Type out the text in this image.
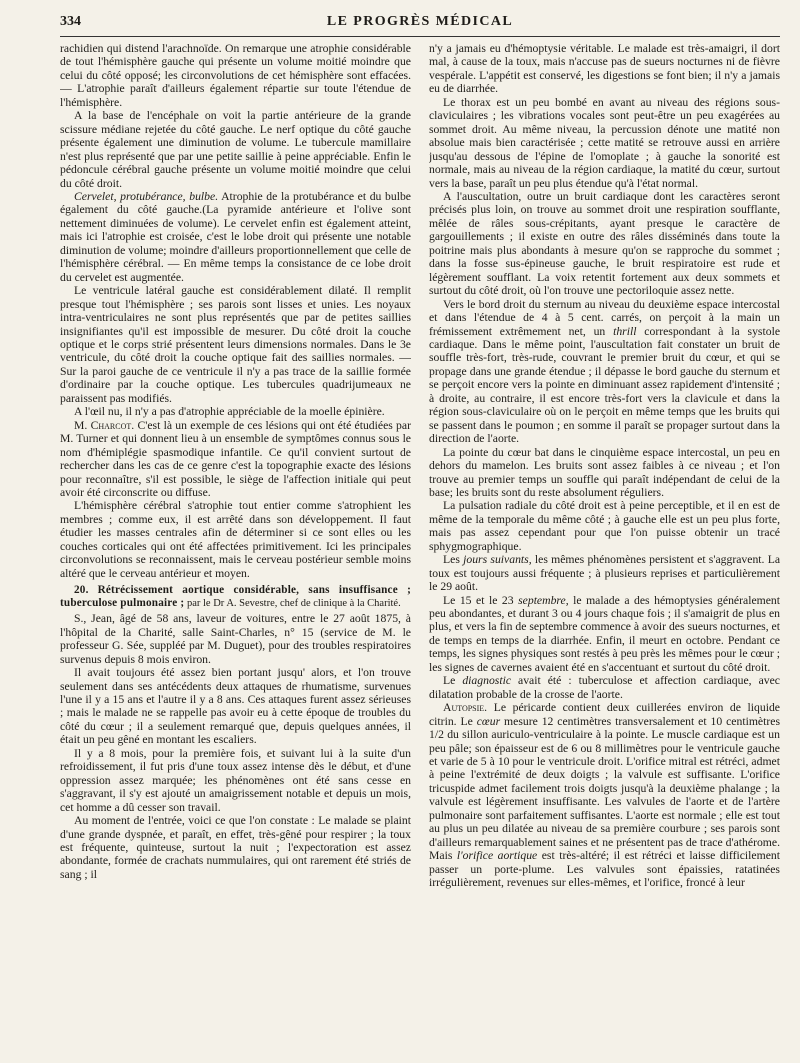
334	LE PROGRÈS MÉDICAL

rachidien qui distend l'arachnoïde. On remarque une atrophie considérable de tout l'hémisphère gauche qui présente un volume moitié moindre que celui du côté opposé; les circonvolutions de cet hémisphère sont effacées. — L'atrophie paraît d'ailleurs également répartie sur toute l'étendue de l'hémisphère.

A la base de l'encéphale on voit la partie antérieure de la grande scissure médiane rejetée du côté gauche. Le nerf optique du côté gauche présente également une diminution de volume. Le tubercule mamillaire n'est plus représenté que par une petite saillie à peine appréciable. Enfin le pédoncule cérébral gauche présente un volume moitié moindre que celui du côté droit.

Cervelet, protubérance, bulbe. Atrophie de la protubérance et du bulbe également du côté gauche.(La pyramide antérieure et l'olive sont nettement diminuées de volume). Le cervelet enfin est également atteint, mais ici l'atrophie est croisée, c'est le lobe droit qui présente une notable diminution de volume; moindre d'ailleurs proportionnellement que celle de l'hémisphère cérébral. — En même temps la consistance de ce lobe droit du cervelet est augmentée.

Le ventricule latéral gauche est considérablement dilaté. Il remplit presque tout l'hémisphère ; ses parois sont lisses et unies. Les noyaux intra-ventriculaires ne sont plus représentés que par de petites saillies insignifiantes qu'il est impossible de mesurer. Du côté droit la couche optique et le corps strié présentent leurs dimensions normales. Dans le 3e ventricule, du côté droit la couche optique fait des saillies normales. — Sur la paroi gauche de ce ventricule il n'y a pas trace de la saillie formée d'ordinaire par la couche optique. Les tubercules quadrijumeaux ne paraissent pas modifiés.

A l'œil nu, il n'y a pas d'atrophie appréciable de la moelle épinière.

M. Charcot. C'est là un exemple de ces lésions qui ont été étudiées par M. Turner et qui donnent lieu à un ensemble de symptômes connus sous le nom d'hémiplégie spasmodique infantile. Ce qu'il convient surtout de rechercher dans les cas de ce genre c'est la topographie exacte des lésions pour reconnaître, s'il est possible, le siège de l'affection initiale qui peut avoir été circonscrite ou diffuse.

L'hémisphère cérébral s'atrophie tout entier comme s'atrophient les membres ; comme eux, il est arrêté dans son développement. Il faut étudier les masses centrales afin de déterminer si ce sont elles ou les couches corticales qui ont été affectées primitivement. Ici les principales circonvolutions se reconnaissent, mais le cerveau postérieur semble moins altéré que le cerveau antérieur et moyen.

20. Rétrécissement aortique considérable, sans insuffisance ; tuberculose pulmonaire ; par le Dr A. Sevestre, chef de clinique à la Charité.

S., Jean, âgé de 58 ans, laveur de voitures, entre le 27 août 1875, à l'hôpital de la Charité, salle Saint-Charles, n° 15 (service de M. le professeur G. Sée, suppléé par M. Duguet), pour des troubles respiratoires survenus depuis 8 mois environ.

Il avait toujours été assez bien portant jusqu' alors, et l'on trouve seulement dans ses antécédents deux attaques de rhumatisme, survenues l'une il y a 15 ans et l'autre il y a 8 ans. Ces attaques furent assez sérieuses ; mais le malade ne se rappelle pas avoir eu à cette époque de troubles du côté du cœur ; il a seulement remarqué que, depuis quelques années, il était un peu gêné en montant les escaliers.

Il y a 8 mois, pour la première fois, et suivant lui à la suite d'un refroidissement, il fut pris d'une toux assez intense dès le début, et d'une oppression assez marquée; les phénomènes ont été sans cesse en s'aggravant, il s'y est ajouté un amaigrissement notable et depuis un mois, cet homme a dû cesser son travail.

Au moment de l'entrée, voici ce que l'on constate : Le malade se plaint d'une grande dyspnée, et paraît, en effet, très-gêné pour respirer ; la toux est fréquente, quinteuse, surtout la nuit ; l'expectoration est assez abondante, formée de crachats nummulaires, qui ont rarement été striés de sang ; il

n'y a jamais eu d'hémoptysie véritable. Le malade est très-amaigri, il dort mal, à cause de la toux, mais n'accuse pas de sueurs nocturnes ni de fièvre vespérale. L'appétit est conservé, les digestions se font bien; il n'y a jamais eu de diarrhée.

Le thorax est un peu bombé en avant au niveau des régions sous-claviculaires ; les vibrations vocales sont peut-être un peu exagérées au sommet droit. Au même niveau, la percussion dénote une matité non absolue mais bien caractérisée ; cette matité se retrouve aussi en arrière jusqu'au dessous de l'épine de l'omoplate ; à gauche la sonorité est normale, mais au niveau de la région cardiaque, la matité du cœur, surtout vers la base, paraît un peu plus étendue qu'à l'état normal.

A l'auscultation, outre un bruit cardiaque dont les caractères seront précisés plus loin, on trouve au sommet droit une respiration soufflante, mêlée de râles sous-crépitants, ayant presque le caractère de gargouillements ; il existe en outre des râles disséminés dans toute la poitrine mais plus abondants à mesure qu'on se rapproche du sommet ; dans la fosse sus-épineuse gauche, le bruit respiratoire est rude et légèrement soufflant. La voix retentit fortement aux deux sommets et surtout du côté droit, où l'on trouve une pectoriloquie assez nette.

Vers le bord droit du sternum au niveau du deuxième espace intercostal et dans l'étendue de 4 à 5 cent. carrés, on perçoit à la main un frémissement extrêmement net, un thrill correspondant à la systole cardiaque. Dans le même point, l'auscultation fait constater un bruit de souffle très-fort, très-rude, couvrant le premier bruit du cœur, et qui se propage dans une grande étendue ; il dépasse le bord gauche du sternum et se perçoit encore vers la pointe en diminuant assez rapidement d'intensité ; à droite, au contraire, il est encore très-fort vers la clavicule et dans la région sous-claviculaire où on le perçoit en même temps que les bruits qui se passent dans le poumon ; en somme il paraît se propager surtout dans la direction de l'aorte.

La pointe du cœur bat dans le cinquième espace intercostal, un peu en dehors du mamelon. Les bruits sont assez faibles à ce niveau ; et l'on trouve au premier temps un souffle qui paraît indépendant de celui de la base; les bruits sont du reste absolument réguliers.

La pulsation radiale du côté droit est à peine perceptible, et il en est de même de la temporale du même côté ; à gauche elle est un peu plus forte, mais pas assez cependant pour que l'on puisse obtenir un tracé sphygmographique.

Les jours suivants, les mêmes phénomènes persistent et s'aggravent. La toux est toujours aussi fréquente ; à plusieurs reprises et particulièrement le 29 août.

Le 15 et le 23 septembre, le malade a des hémoptysies généralement peu abondantes, et durant 3 ou 4 jours chaque fois ; il s'amaigrit de plus en plus, et vers la fin de septembre commence à avoir des sueurs nocturnes, et de temps en temps de la diarrhée. Enfin, il meurt en octobre. Pendant ce temps, les signes physiques sont restés à peu près les mêmes pour le cœur ; les signes de cavernes avaient été en s'accentuant et surtout du côté droit.

Le diagnostic avait été : tuberculose et affection cardiaque, avec dilatation probable de la crosse de l'aorte.

Autopsie. Le péricarde contient deux cuillerées environ de liquide citrin. Le cœur mesure 12 centimètres transversalement et 10 centimètres 1/2 du sillon auriculo-ventriculaire à la pointe. Le muscle cardiaque est un peu pâle; son épaisseur est de 6 ou 8 millimètres pour le ventricule gauche et varie de 5 à 10 pour le ventricule droit. L'orifice mitral est rétréci, admet à peine l'extrémité de deux doigts ; la valvule est suffisante. L'orifice tricuspide admet facilement trois doigts jusqu'à la deuxième phalange ; la valvule est légèrement insuffisante. Les valvules de l'aorte et de l'artère pulmonaire sont parfaitement suffisantes. L'aorte est normale ; elle est tout au plus un peu dilatée au niveau de sa première courbure ; ses parois sont d'ailleurs remarquablement saines et ne présentent pas de trace d'athérome. Mais l'orifice aortique est très-altéré; il est rétréci et laisse difficilement passer un porte-plume. Les valvules sont épaissies, ratatinées irrégulièrement, revenues sur elles-mêmes, et l'orifice, froncé à leur
